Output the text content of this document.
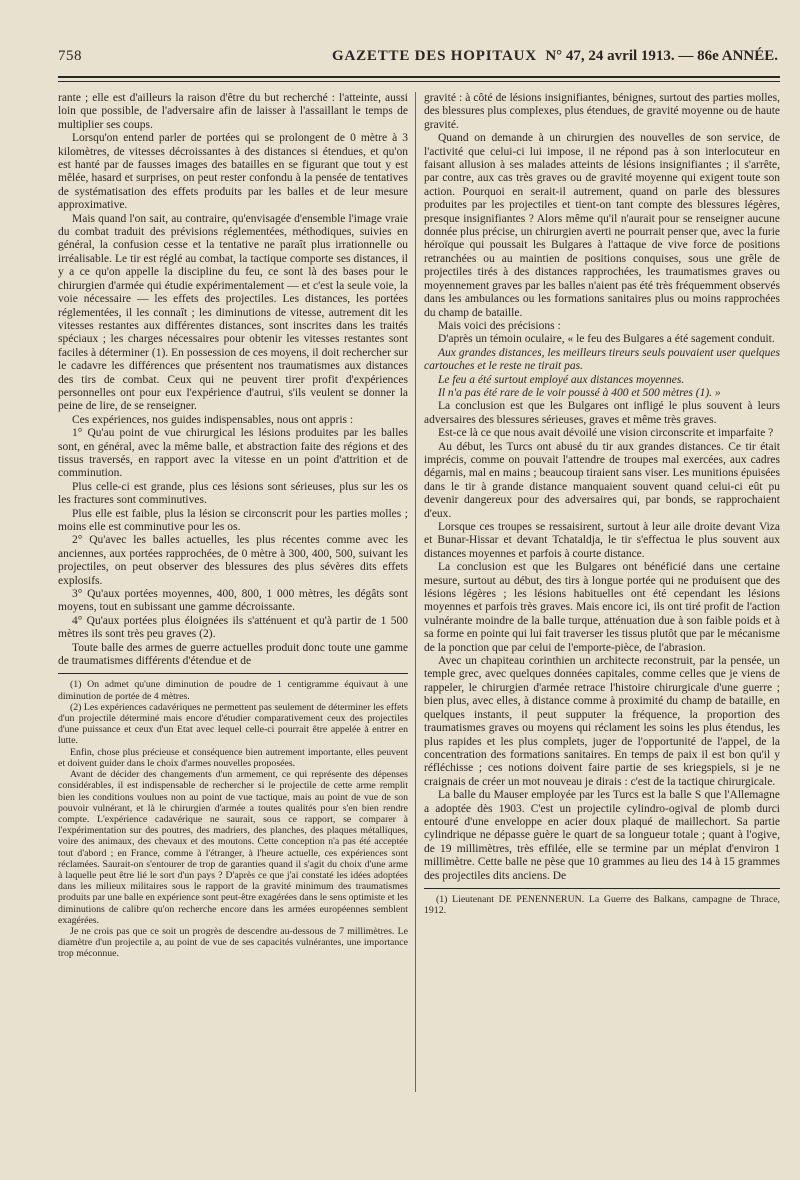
758	GAZETTE DES HOPITAUX N° 47, 24 avril 1913. — 86e ANNÉE.

rante ; elle est d'ailleurs la raison d'être du but recherché : l'atteinte, aussi loin que possible, de l'adversaire afin de laisser à l'assaillant le temps de multiplier ses coups.

Lorsqu'on entend parler de portées qui se prolongent de 0 mètre à 3 kilomètres, de vitesses décroissantes à des distances si étendues, et qu'on est hanté par de fausses images des batailles en se figurant que tout y est mêlée, hasard et surprises, on peut rester confondu à la pensée de tentatives de systématisation des effets produits par les balles et de leur mesure approximative.

Mais quand l'on sait, au contraire, qu'envisagée d'ensemble l'image vraie du combat traduit des prévisions réglementées, méthodiques, suivies en général, la confusion cesse et la tentative ne paraît plus irrationnelle ou irréalisable. Le tir est réglé au combat, la tactique comporte ses distances, il y a ce qu'on appelle la discipline du feu, ce sont là des bases pour le chirurgien d'armée qui étudie expérimentalement — et c'est la seule voie, la voie nécessaire — les effets des projectiles. Les distances, les portées réglementées, il les connaît ; les diminutions de vitesse, autrement dit les vitesses restantes aux différentes distances, sont inscrites dans les traités spéciaux ; les charges nécessaires pour obtenir les vitesses restantes sont faciles à déterminer (1). En possession de ces moyens, il doit rechercher sur le cadavre les différences que présentent nos traumatismes aux distances des tirs de combat. Ceux qui ne peuvent tirer profit d'expériences personnelles ont pour eux l'expérience d'autrui, s'ils veulent se donner la peine de lire, de se renseigner.

Ces expériences, nos guides indispensables, nous ont appris :

1° Qu'au point de vue chirurgical les lésions produites par les balles sont, en général, avec la même balle, et abstraction faite des régions et des tissus traversés, en rapport avec la vitesse en un point d'attrition et de comminution.

Plus celle-ci est grande, plus ces lésions sont sérieuses, plus sur les os les fractures sont comminutives.

Plus elle est faible, plus la lésion se circonscrit pour les parties molles ; moins elle est comminutive pour les os.

2° Qu'avec les balles actuelles, les plus récentes comme avec les anciennes, aux portées rapprochées, de 0 mètre à 300, 400, 500, suivant les projectiles, on peut observer des blessures des plus sévères dits effets explosifs.

3° Qu'aux portées moyennes, 400, 800, 1 000 mètres, les dégâts sont moyens, tout en subissant une gamme décroissante.

4° Qu'aux portées plus éloignées ils s'atténuent et qu'à partir de 1 500 mètres ils sont très peu graves (2).

Toute balle des armes de guerre actuelles produit donc toute une gamme de traumatismes différents d'étendue et de

(1) On admet qu'une diminution de poudre de 1 centigramme équivaut à une diminution de portée de 4 mètres.

(2) Les expériences cadavériques ne permettent pas seulement de déterminer les effets d'un projectile déterminé mais encore d'étudier comparativement ceux des projectiles d'une puissance et ceux d'un Etat avec lequel celle-ci pourrait être appelée à entrer en lutte.

Enfin, chose plus précieuse et conséquence bien autrement importante, elles peuvent et doivent guider dans le choix d'armes nouvelles proposées.

Avant de décider des changements d'un armement, ce qui représente des dépenses considérables, il est indispensable de rechercher si le projectile de cette arme remplit bien les conditions voulues non au point de vue tactique, mais au point de vue de son pouvoir vulnérant, et là le chirurgien d'armée a toutes qualités pour s'en bien rendre compte. L'expérience cadavérique ne saurait, sous ce rapport, se comparer à l'expérimentation sur des poutres, des madriers, des planches, des plaques métalliques, voire des animaux, des chevaux et des moutons. Cette conception n'a pas été acceptée tout d'abord ; en France, comme à l'étranger, à l'heure actuelle, ces expériences sont réclamées. Saurait-on s'entourer de trop de garanties quand il s'agit du choix d'une arme à laquelle peut être lié le sort d'un pays ? D'après ce que j'ai constaté les idées adoptées dans les milieux militaires sous le rapport de la gravité minimum des traumatismes produits par une balle en expérience sont peut-être exagérées dans le sens optimiste et les diminutions de calibre qu'on recherche encore dans les armées européennes semblent exagérées.

Je ne crois pas que ce soit un progrès de descendre au-dessous de 7 millimètres. Le diamètre d'un projectile a, au point de vue de ses capacités vulnérantes, une importance trop méconnue.

gravité : à côté de lésions insignifiantes, bénignes, surtout des parties molles, des blessures plus complexes, plus étendues, de gravité moyenne ou de haute gravité.

Quand on demande à un chirurgien des nouvelles de son service, de l'activité que celui-ci lui impose, il ne répond pas à son interlocuteur en faisant allusion à ses malades atteints de lésions insignifiantes ; il s'arrête, par contre, aux cas très graves ou de gravité moyenne qui exigent toute son action. Pourquoi en serait-il autrement, quand on parle des blessures produites par les projectiles et tient-on tant compte des blessures légères, presque insignifiantes ? Alors même qu'il n'aurait pour se renseigner aucune donnée plus précise, un chirurgien averti ne pourrait penser que, avec la furie héroïque qui poussait les Bulgares à l'attaque de vive force de positions retranchées ou au maintien de positions conquises, sous une grêle de projectiles tirés à des distances rapprochées, les traumatismes graves ou moyennement graves par les balles n'aient pas été très fréquemment observés dans les ambulances ou les formations sanitaires plus ou moins rapprochées du champ de bataille.

Mais voici des précisions :

D'après un témoin oculaire, « le feu des Bulgares a été sagement conduit.

Aux grandes distances, les meilleurs tireurs seuls pouvaient user quelques cartouches et le reste ne tirait pas.

Le feu a été surtout employé aux distances moyennes.

Il n'a pas été rare de le voir poussé à 400 et 500 mètres (1). »

La conclusion est que les Bulgares ont infligé le plus souvent à leurs adversaires des blessures sérieuses, graves et même très graves.

Est-ce là ce que nous avait dévoilé une vision circonscrite et imparfaite ?

Au début, les Turcs ont abusé du tir aux grandes distances. Ce tir était imprécis, comme on pouvait l'attendre de troupes mal exercées, aux cadres dégarnis, mal en mains ; beaucoup tiraient sans viser. Les munitions épuisées dans le tir à grande distance manquaient souvent quand celui-ci eût pu devenir dangereux pour des adversaires qui, par bonds, se rapprochaient d'eux.

Lorsque ces troupes se ressaisirent, surtout à leur aile droite devant Viza et Bunar-Hissar et devant Tchataldja, le tir s'effectua le plus souvent aux distances moyennes et parfois à courte distance.

La conclusion est que les Bulgares ont bénéficié dans une certaine mesure, surtout au début, des tirs à longue portée qui ne produisent que des lésions légères ; les lésions habituelles ont été cependant les lésions moyennes et parfois très graves. Mais encore ici, ils ont tiré profit de l'action vulnérante moindre de la balle turque, atténuation due à son faible poids et à sa forme en pointe qui lui fait traverser les tissus plutôt que par le mécanisme de la ponction que par celui de l'emporte-pièce, de l'abrasion.

Avec un chapiteau corinthien un architecte reconstruit, par la pensée, un temple grec, avec quelques données capitales, comme celles que je viens de rappeler, le chirurgien d'armée retrace l'histoire chirurgicale d'une guerre ; bien plus, avec elles, à distance comme à proximité du champ de bataille, en quelques instants, il peut supputer la fréquence, la proportion des traumatismes graves ou moyens qui réclament les soins les plus étendus, les plus rapides et les plus complets, juger de l'opportunité de l'appel, de la concentration des formations sanitaires. En temps de paix il est bon qu'il y réfléchisse ; ces notions doivent faire partie de ses kriegspiels, si je ne craignais de créer un mot nouveau je dirais : c'est de la tactique chirurgicale.

La balle du Mauser employée par les Turcs est la balle S que l'Allemagne a adoptée dès 1903. C'est un projectile cylindro-ogival de plomb durci entouré d'une enveloppe en acier doux plaqué de maillechort. Sa partie cylindrique ne dépasse guère le quart de sa longueur totale ; quant à l'ogive, de 19 millimètres, très effilée, elle se termine par un méplat d'environ 1 millimètre. Cette balle ne pèse que 10 grammes au lieu des 14 à 15 grammes des projectiles dits anciens. De

(1) Lieutenant DE PENENNERUN. La Guerre des Balkans, campagne de Thrace, 1912.
